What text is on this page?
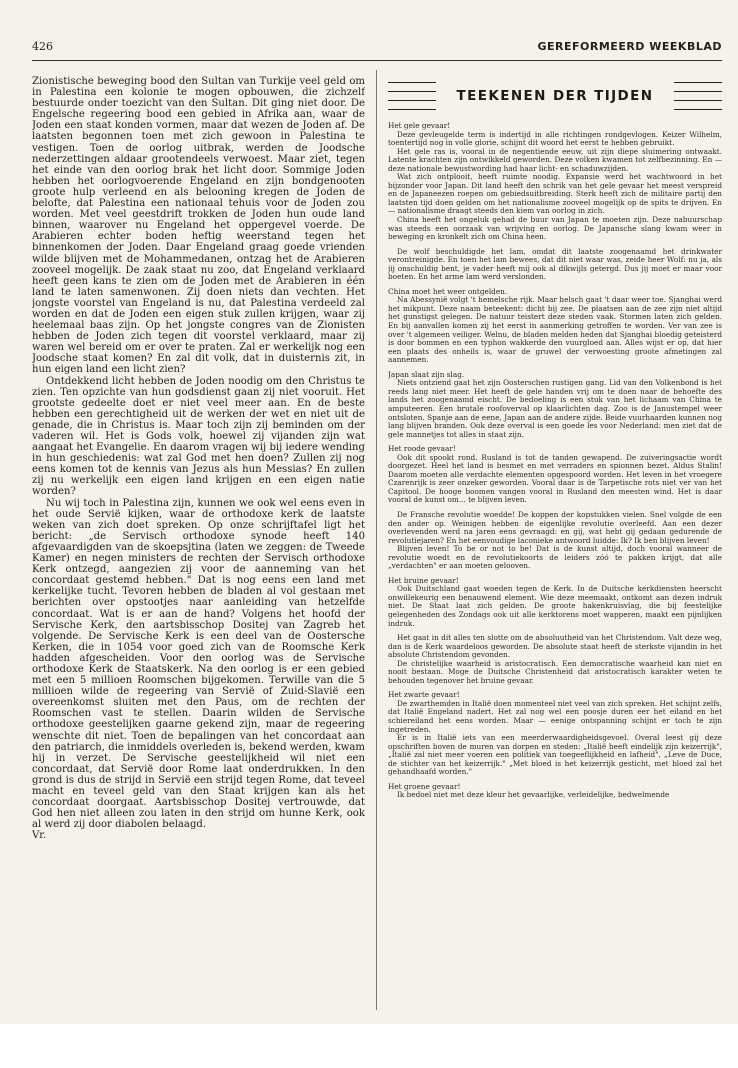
426	GEREFORMEERD WEEKBLAD

Zionistische beweging bood den Sultan van Turkije veel geld om in Palestina een kolonie te mogen opbouwen, die zichzelf bestuurde onder toezicht van den Sultan. Dit ging niet door. De Engelsche regeering bood een gebied in Afrika aan, waar de Joden een staat konden vormen, maar dat wezen de Joden af. De laatsten begonnen toen met zich gewoon in Palestina te vestigen. Toen de oorlog uitbrak, werden de Joodsche nederzettingen aldaar grootendeels verwoest. Maar ziet, tegen het einde van den oorlog brak het licht door. Sommige Joden hebben het oorlogvoerende Engeland en zijn bondgenooten groote hulp verleend en als belooning kregen de Joden de belofte, dat Palestina een nationaal tehuis voor de Joden zou worden. Met veel geestdrift trokken de Joden hun oude land binnen, waarover nu Engeland het oppergevel voerde. De Arabieren echter boden heftig weerstand tegen het binnenkomen der Joden. Daar Engeland graag goede vrienden wilde blijven met de Mohammedanen, ontzag het de Arabieren zooveel mogelijk. De zaak staat nu zoo, dat Engeland verklaard heeft geen kans te zien om de Joden met de Arabieren in één land te laten samenwonen. Zij doen niets dan vechten. Het jongste voorstel van Engeland is nu, dat Palestina verdeeld zal worden en dat de Joden een eigen stuk zullen krijgen, waar zij heelemaal baas zijn. Op het jongste congres van de Zionisten hebben de Joden zich tegen dit voorstel verklaard, maar zij waren wel bereid om er over te praten. Zal er werkelijk nog een Joodsche staat komen? En zal dit volk, dat in duisternis zit, in hun eigen land een licht zien?

Ontdekkend licht hebben de Joden noodig om den Christus te zien. Ten opzichte van hun godsdienst gaan zij niet vooruit. Het grootste gedeelte doet er niet veel meer aan. En de beste hebben een gerechtigheid uit de werken der wet en niet uit de genade, die in Christus is. Maar toch zijn zij beminden om der vaderen wil. Het is Gods volk, hoewel zij vijanden zijn wat aangaat het Evangelie. En daarom vragen wij bij iedere wending in hun geschiedenis: wat zal God met hen doen? Zullen zij nog eens komen tot de kennis van Jezus als hun Messias? En zullen zij nu werkelijk een eigen land krijgen en een eigen natie worden?

Nu wij toch in Palestina zijn, kunnen we ook wel eens even in het oude Servië kijken, waar de orthodoxe kerk de laatste weken van zich doet spreken. Op onze schrijftafel ligt het bericht: „de Servisch orthodoxe synode heeft 140 afgevaardigden van de skoepsjtina (laten we zeggen: de Tweede Kamer) en negen ministers de rechten der Servisch orthodoxe Kerk ontzegd, aangezien zij voor de aanneming van het concordaat gestemd hebben." Dat is nog eens een land met kerkelijke tucht. Tevoren hebben de bladen al vol gestaan met berichten over opstootjes naar aanleiding van hetzelfde concordaat. Wat is er aan de hand? Volgens het hoofd der Servische Kerk, den aartsbisschop Dositej van Zagreb het volgende. De Servische Kerk is een deel van de Oostersche Kerken, die in 1054 voor goed zich van de Roomsche Kerk hadden afgescheiden. Voor den oorlog was de Servische orthodoxe Kerk de Staatskerk. Na den oorlog is er een gebied met een 5 millioen Roomschen bijgekomen. Terwille van die 5 millioen wilde de regeering van Servië of Zuid-Slavië een overeenkomst sluiten met den Paus, om de rechten der Roomschen vast te stellen. Daarin wilden de Servische orthodoxe geestelijken gaarne gekend zijn, maar de regeering wenschte dit niet. Toen de bepalingen van het concordaat aan den patriarch, die inmiddels overleden is, bekend werden, kwam hij in verzet. De Servische geestelijkheid wil niet een concordaat, dat Servië door Rome laat onderdrukken. In den grond is dus de strijd in Servië een strijd tegen Rome, dat teveel macht en teveel geld van den Staat krijgen kan als het concordaat doorgaat. Aartsbisschop Dositej vertrouwde, dat God hen niet alleen zou laten in den strijd om hunne Kerk, ook al werd zij door diabolen belaagd.

Vr.

TEEKENEN DER TIJDEN

Het gele gevaar!

Deze gevleugelde term is indertijd in alle richtingen rondgevlogen. Keizer Wilhelm, toentertijd nog in volle glorie, schijnt dit woord het eerst te hebben gebruikt.

Het gele ras is, vooral in de negentiende eeuw, uit zijn diepe sluimering ontwaakt. Latente krachten zijn ontwikkeld geworden. Deze volken kwamen tot zelfbezinning. En — deze nationale bewustwording had haar licht- en schaduwzijden.

Wat zich ontplooit, heeft ruimte noodig. Expansie werd het wachtwoord in het bijzonder voor Japan. Dit land heeft den schrik van het gele gevaar het meest verspreid en de Japaneezen roepen om gebiedsuitbreiding. Sterk heeft zich de militaire partij den laatsten tijd doen gelden om het nationalisme zooveel mogelijk op de spits te drijven. En — nationalisme draagt steeds den kiem van oorlog in zich.

China heeft het ongeluk gehad de buur van Japan te moeten zijn. Deze nabuurschap was steeds een oorzaak van wrijving en oorlog. De Japansche slang kwam weer in beweging en kronkelt zich om China heen.

De wolf beschuldigde het lam, omdat dit laatste zoogenaamd het drinkwater verontreinigde. En toen het lam bewees, dat dit niet waar was, zeide heer Wolf: nu ja, als jij onschuldig bent, je vader heeft mij ook al dikwijls getergd. Dus jij moet er maar voor boeten. En het arme lam werd verslonden.

China moet het weer ontgelden.

Na Abessynië volgt 't hemelsche rijk. Maar helsch gaat 't daar weer toe. Sjanghai werd het mikpunt. Deze naam beteekent: dicht bij zee. De plaatsen aan de zee zijn niet altijd het gunstigst gelegen. De natuur teistert deze steden vaak. Stormen laten zich gelden. En bij aanvallen komen zij het eerst in aanmerking getroffen te worden. Ver van zee is over 't algemeen veiliger. Welnu, de bladen melden heden dat Sjanghai bloedig geteisterd is door bommen en een typhon wakkerde den vuurgloed aan. Alles wijst er op, dat hier een plaats des onheils is, waar de gruwel der verwoesting groote afmetingen zal aannemen.

Japan slaat zijn slag.

Niets ontziend gaat het zijn Oosterschen rustigen gang. Lid van den Volkenbond is het reeds lang niet meer. Het heeft de gele handen vrij om te doen naar de behoefte des lands het zoogenaamd eischt. De bedoeling is een stuk van het lichaam van China te amputeeren. Een brutale roofoverval op klaarlichten dag. Zoo is de Janustempel weer ontsloten. Spanje aan de eene, Japan aan de andere zijde. Beide vuurhaarden kunnen nog lang blijven branden. Ook deze overval is een goede les voor Nederland: men ziet dat de gele mannetjes tot alles in staat zijn.

Het roode gevaar!

Ook dit spookt rond. Rusland is tot de tanden gewapend. De zuiveringsactie wordt doorgezet. Heel het land is besmet en met verraders en spionnen bezet. Aldus Stalin! Daarom moeten alle verdachte elementen opgespoord worden. Het leven in het vroegere Czarenrijk is zeer onzeker geworden. Vooral daar is de Tarpetische rots niet ver van het Capitool. De hooge boomen vangen vooral in Rusland den meesten wind. Het is daar vooral de kunst om... te blijven leven.

De Fransche revolutie woedde! De koppen der kopstukken vielen. Snel volgde de een den ander op. Weinigen hebben de eigenlijke revolutie overleefd. Aan een dezer overlevenden werd na jaren eens gevraagd: en gij, wat hebt gij gedaan gedurende de revolutiejaren? En het eenvoudige laconieke antwoord luidde: Ik? Ik ben blijven leven!

Blijven leven! To be or not to be! Dat is de kunst altijd, doch vooral wanneer de revolutie woedt en de revolutiekoorts de leiders zóó te pakken krijgt, dat alle „verdachten" er aan moeten gelooven.

Het bruine gevaar!

Ook Duitschland gaat woeden tegen de Kerk. In de Duitsche kerkdiensten heerscht onwillekeurig een benauwend element. Wie deze meemaakt, ontkomt aan dezen indruk niet. De Staat laat zich gelden. De groote hakenkruisvlag, die bij feestelijke gelegenheden des Zondags ook uit alle kerktorens moet wapperen, maakt een pijnlijken indruk.

Het gaat in dit alles ten slotte om de absoluutheid van het Christendom. Valt deze weg, dan is de Kerk waardeloos geworden. De absolute staat heeft de sterkste vijandin in het absolute Christendom gevonden.

De christelijke waarheid is aristocratisch. Een democratische waarheid kan niet en nooit bestaan. Moge de Duitsche Christenheid dat aristocratisch karakter weten te behouden tegenover het bruine gevaar.

Het zwarte gevaar!

De zwarthemden in Italië doen momenteel niet veel van zich spreken. Het schijnt zelfs, dat Italië Engeland nadert. Het zal nog wel een poosje duren eer het eiland en het schiereiland het eens worden. Maar — eenige ontspanning schijnt er toch te zijn ingetreden.

Er is in Italië iets van een meerderwaardigheidsgevoel. Overal leest gij deze opschriften boven de muren van dorpen en steden: „Italië heeft eindelijk zijn keizerrijk", „Italië zal niet meer voeren een politiek van toegeeflijkheid en lafheid", „Leve de Duce, de stichter van het keizerrijk." „Met bloed is het keizerrijk gesticht, met bloed zal het gehandhaafd worden."

Het groene gevaar!

Ik bedoel niet met deze kleur het gevaarlijke, verleidelijke, bedwelmende
